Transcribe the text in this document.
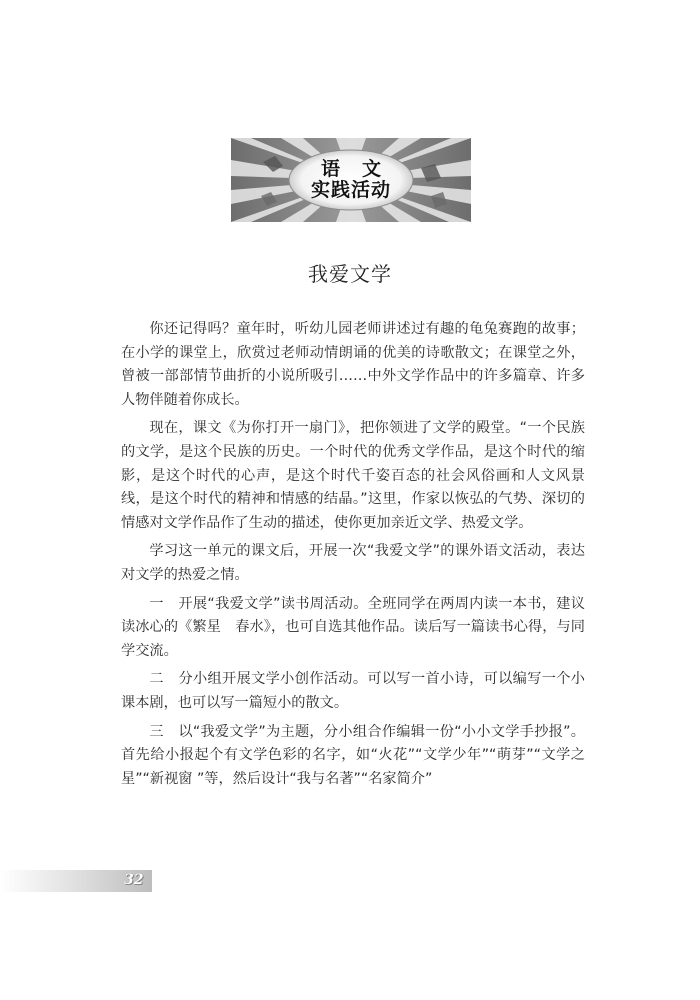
语文
实践活动
我爱文学

你还记得吗？童年时，听幼儿园老师讲述过有趣的龟兔赛跑的故事；在小学的课堂上，欣赏过老师动情朗诵的优美的诗歌散文；在课堂之外，曾被一部部情节曲折的小说所吸引……中外文学作品中的许多篇章、许多人物伴随着你成长。

现在，课文《为你打开一扇门》，把你领进了文学的殿堂。“一个民族的文学，是这个民族的历史。一个时代的优秀文学作品，是这个时代的缩影，是这个时代的心声，是这个时代千姿百态的社会风俗画和人文风景线，是这个时代的精神和情感的结晶。”这里，作家以恢弘的气势、深切的情感对文学作品作了生动的描述，使你更加亲近文学、热爱文学。

学习这一单元的课文后，开展一次“我爱文学”的课外语文活动，表达对文学的热爱之情。

一　开展“我爱文学”读书周活动。全班同学在两周内读一本书，建议读冰心的《繁星　春水》，也可自选其他作品。读后写一篇读书心得，与同学交流。

二　分小组开展文学小创作活动。可以写一首小诗，可以编写一个小课本剧，也可以写一篇短小的散文。

三　以“我爱文学”为主题，分小组合作编辑一份“小小文学手抄报”。首先给小报起个有文学色彩的名字，如“火花”“文学少年”“萌芽”“文学之星”“新视窗 ”等，然后设计“我与名著”“名家简介”

32
